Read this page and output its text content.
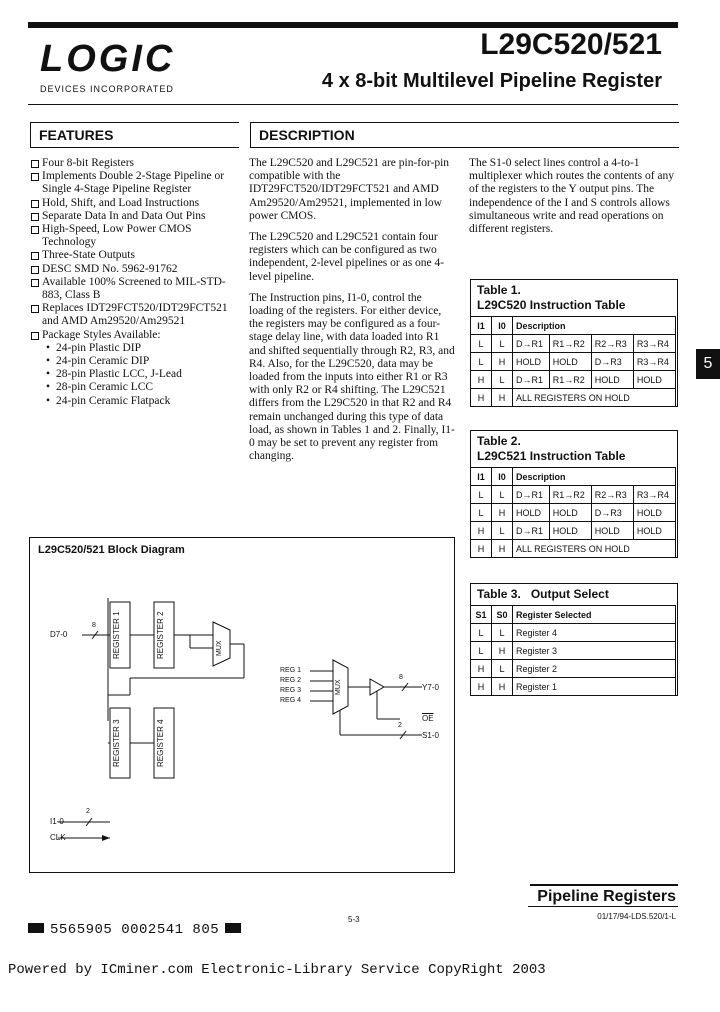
LOGIC
DEVICES INCORPORATED
L29C520/521
4 x 8-bit Multilevel Pipeline Register
FEATURES	DESCRIPTION
Four 8-bit Registers
Implements Double 2-Stage Pipeline or Single 4-Stage Pipeline Register
Hold, Shift, and Load Instructions
Separate Data In and Data Out Pins
High-Speed, Low Power CMOS Technology
Three-State Outputs
DESC SMD No. 5962-91762
Available 100% Screened to MIL-STD-883, Class B
Replaces IDT29FCT520/IDT29FCT521 and AMD Am29520/Am29521
Package Styles Available:
• 24-pin Plastic DIP
• 24-pin Ceramic DIP
• 28-pin Plastic LCC, J-Lead
• 28-pin Ceramic LCC
• 24-pin Ceramic Flatpack

The L29C520 and L29C521 are pin-for-pin compatible with the IDT29FCT520/IDT29FCT521 and AMD Am29520/Am29521, implemented in low power CMOS.

The L29C520 and L29C521 contain four registers which can be configured as two independent, 2-level pipelines or as one 4-level pipeline.

The Instruction pins, I1-0, control the loading of the registers. For either device, the registers may be configured as a four-stage delay line, with data loaded into R1 and shifted sequentially through R2, R3, and R4. Also, for the L29C520, data may be loaded from the inputs into either R1 or R3 with only R2 or R4 shifting. The L29C521 differs from the L29C520 in that R2 and R4 remain unchanged during this type of data load, as shown in Tables 1 and 2. Finally, I1-0 may be set to prevent any register from changing.

The S1-0 select lines control a 4-to-1 multiplexer which routes the contents of any of the registers to the Y output pins. The independence of the I and S controls allows simultaneous write and read operations on different registers.

Table 1.
L29C520 Instruction Table
I1	I0	Description			
L	L	D→R1	R1→R2	R2→R3	R3→R4
L	H	HOLD	HOLD	D→R3	R3→R4
H	L	D→R1	R1→R2	HOLD	HOLD
H	H	ALL REGISTERS ON HOLD			
Table 2.
L29C521 Instruction Table
I1	I0	Description			
L	L	D→R1	R1→R2	R2→R3	R3→R4
L	H	HOLD	HOLD	D→R3	HOLD
H	L	D→R1	HOLD	HOLD	HOLD
H	H	ALL REGISTERS ON HOLD			
Table 3. Output Select
S1	S0	Register Selected
L	L	Register 4
L	H	Register 3
H	L	Register 2
H	H	Register 1
5
L29C520/521 Block Diagram
D7-0
8 REGISTER 1	REGISTER 2	MUX
REGISTER 3	REGISTER 4
MUX
REG 1
REG 2
REG 3
REG 4
8
Y7-0
$\overline{OE}$
2
S1-0
2
I1-0
CLK
Pipeline Registers
5-3	01/17/94-LDS.520/1-L
5565905 0002541 805
Powered by ICminer.com Electronic-Library Service CopyRight 2003
